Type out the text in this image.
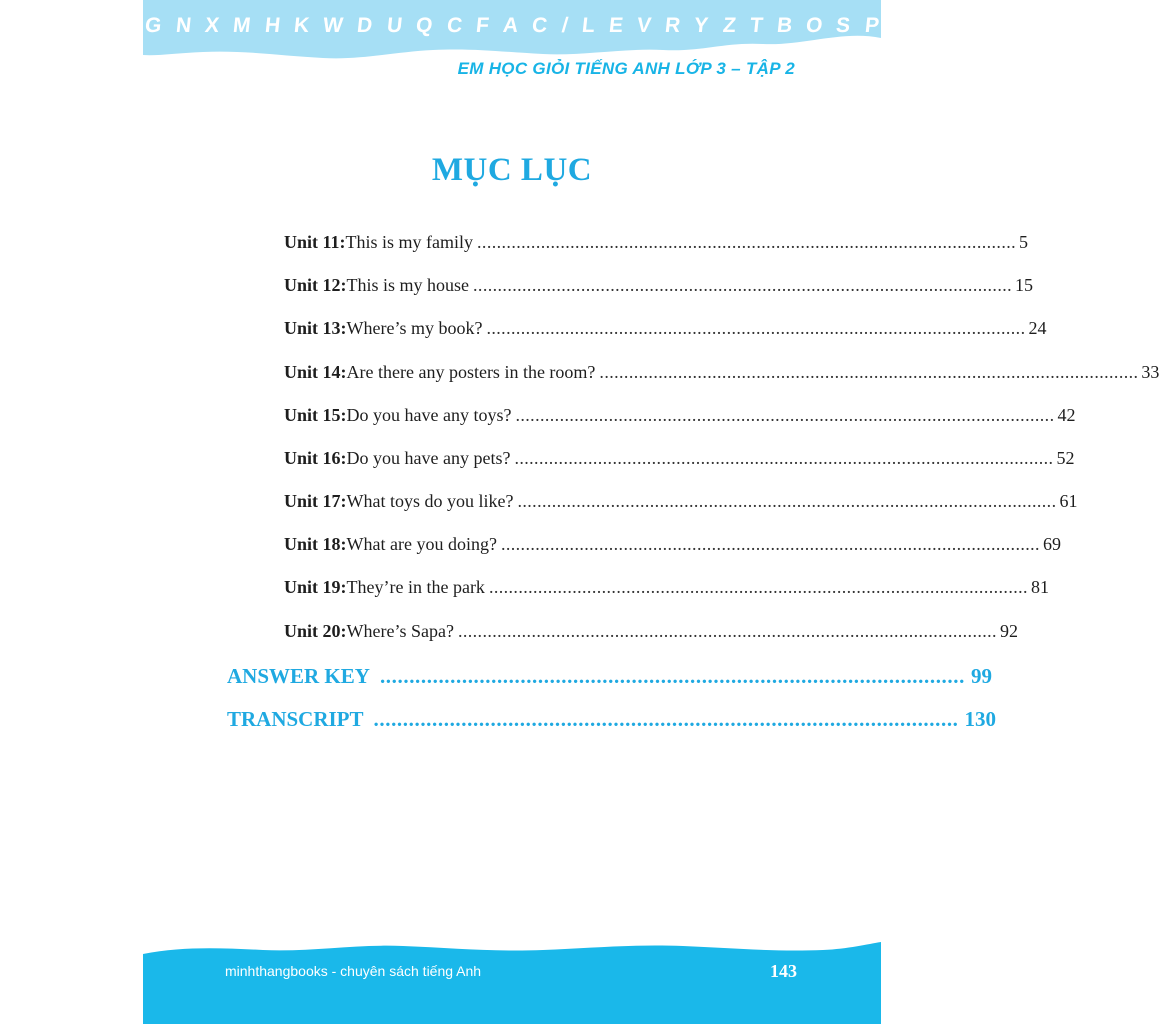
G N X M H K W D U Q C F A C / L E V R Y Z T B O S P
EM HỌC GIỎI TIẾNG ANH LỚP 3 – TẬP 2
MỤC LỤC
Unit 11: This is my family .............................................................................................................. 5
Unit 12: This is my house .............................................................................................................. 15
Unit 13: Where’s my book? .............................................................................................................. 24
Unit 14: Are there any posters in the room? .............................................................................................................. 33
Unit 15: Do you have any toys? .............................................................................................................. 42
Unit 16: Do you have any pets? .............................................................................................................. 52
Unit 17: What toys do you like? .............................................................................................................. 61
Unit 18: What are you doing? .............................................................................................................. 69
Unit 19: They’re in the park .............................................................................................................. 81
Unit 20: Where’s Sapa? .............................................................................................................. 92
ANSWER KEY .................................................................................................... 99
TRANSCRIPT .................................................................................................... 130
minhthangbooks - chuyên sách tiếng Anh	143
